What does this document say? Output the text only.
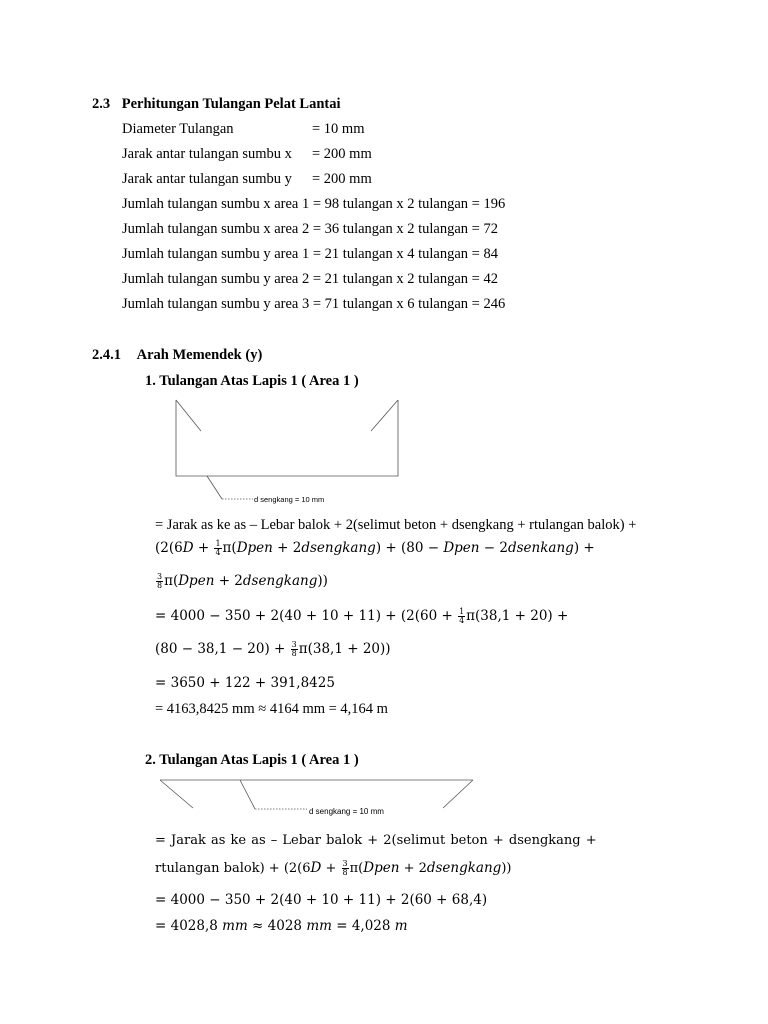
2.3 Perhitungan Tulangan Pelat Lantai
Diameter Tulangan	= 10 mm
Jarak antar tulangan sumbu x = 200 mm
Jarak antar tulangan sumbu y = 200 mm
Jumlah tulangan sumbu x area 1 = 98 tulangan x 2 tulangan = 196
Jumlah tulangan sumbu x area 2 = 36 tulangan x 2 tulangan = 72
Jumlah tulangan sumbu y area 1 = 21 tulangan x 4 tulangan = 84
Jumlah tulangan sumbu y area 2 = 21 tulangan x 2 tulangan = 42
Jumlah tulangan sumbu y area 3 = 71 tulangan x 6 tulangan = 246
2.4.1 Arah Memendek (y)
1. Tulangan Atas Lapis 1 ( Area 1 )
d sengkang = 10 mm
= Jarak as ke as – Lebar balok + 2(selimut beton + dsengkang + rtulangan balok) +
($2(6D + \frac{1}{4}$ π(Dpen + 2dsengkang) + (80 − Dpen − 2dsenkang) +
$\frac{3}{8}$ π(Dpen + 2dsengkang))
= $4000 - 350 + 2(40 + 10 + 11) + (2(60 + \frac{1}{4} \pi(38,1 + 20)$ +
$(80 - 38,1 - 20) + \frac{3}{8} \pi(38,1 + 20)$)
= 3650 + 122 + 391,8425
= 4163,8425 mm ≈ 4164 mm = 4,164 m
2. Tulangan Atas Lapis 1 ( Area 1 )
d sengkang = 10 mm
= Jarak as ke as – Lebar balok + 2(selimut beton + dsengkang +
rtulangan balok) + ($2(6D + \frac{3}{8}$ π(Dpen + 2dsengkang))
= 4000 − 350 + 2(40 + 10 + 11) + 2(60 + 68,4)
= 4028,8 mm ≈ 4028 mm = 4,028 m
